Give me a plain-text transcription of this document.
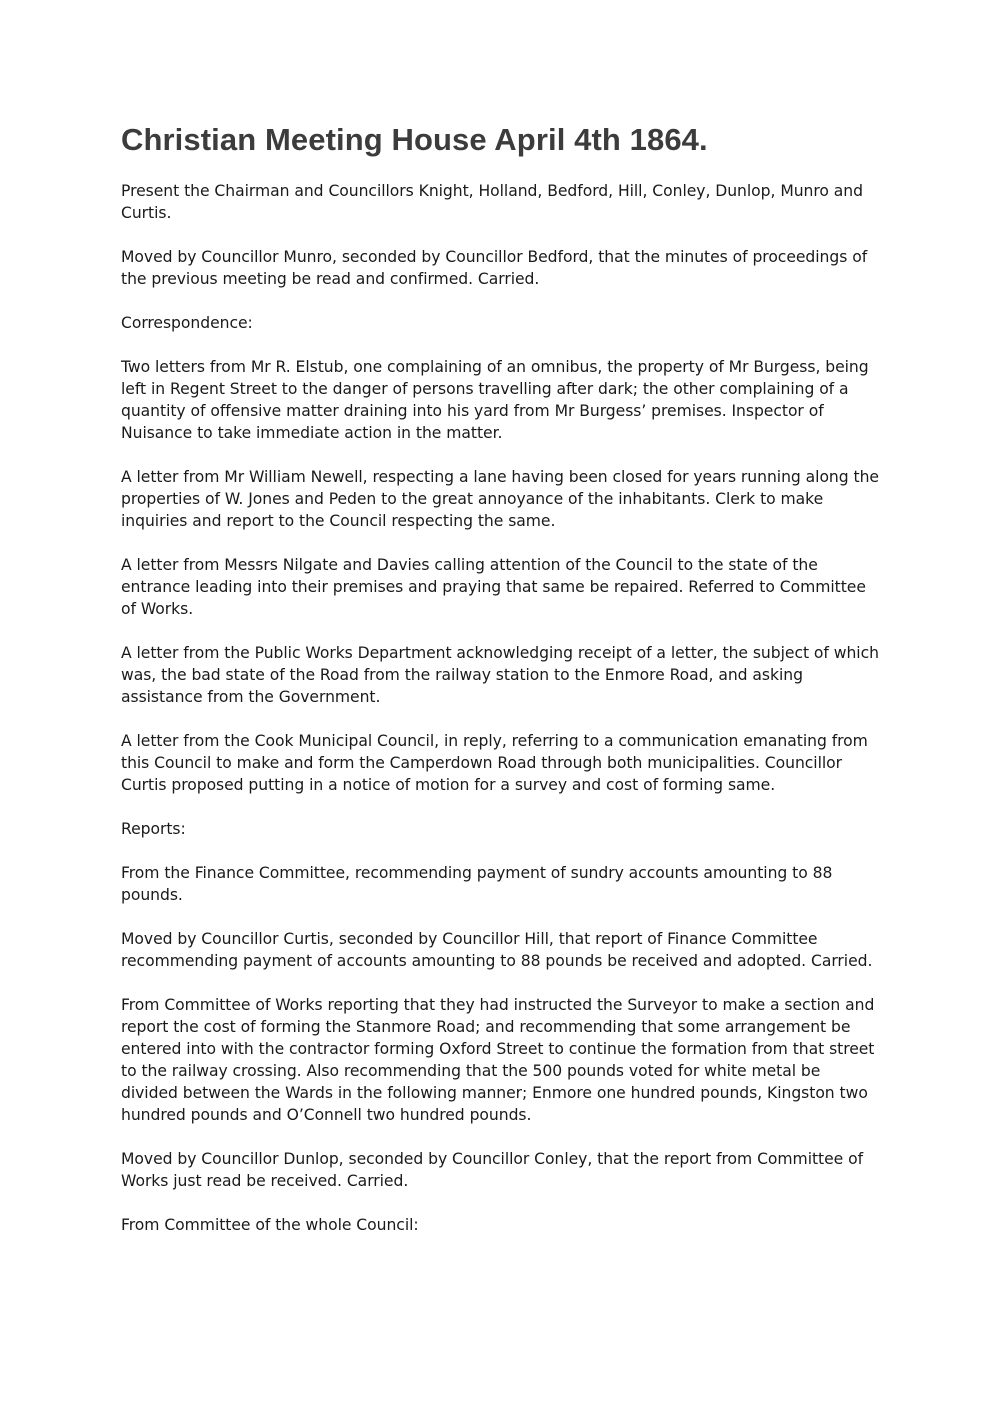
Christian Meeting House April 4th 1864.

Present the Chairman and Councillors Knight, Holland, Bedford, Hill, Conley, Dunlop, Munro and Curtis.

Moved by Councillor Munro, seconded by Councillor Bedford, that the minutes of proceedings of the previous meeting be read and confirmed. Carried.

Correspondence:

Two letters from Mr R. Elstub, one complaining of an omnibus, the property of Mr Burgess, being left in Regent Street to the danger of persons travelling after dark; the other complaining of a quantity of offensive matter draining into his yard from Mr Burgess’ premises. Inspector of Nuisance to take immediate action in the matter.

A letter from Mr William Newell, respecting a lane having been closed for years running along the properties of W. Jones and Peden to the great annoyance of the inhabitants. Clerk to make inquiries and report to the Council respecting the same.

A letter from Messrs Nilgate and Davies calling attention of the Council to the state of the entrance leading into their premises and praying that same be repaired. Referred to Committee of Works.

A letter from the Public Works Department acknowledging receipt of a letter, the subject of which was, the bad state of the Road from the railway station to the Enmore Road, and asking assistance from the Government.

A letter from the Cook Municipal Council, in reply, referring to a communication emanating from this Council to make and form the Camperdown Road through both municipalities. Councillor Curtis proposed putting in a notice of motion for a survey and cost of forming same.

Reports:

From the Finance Committee, recommending payment of sundry accounts amounting to 88 pounds.

Moved by Councillor Curtis, seconded by Councillor Hill, that report of Finance Committee recommending payment of accounts amounting to 88 pounds be received and adopted. Carried.

From Committee of Works reporting that they had instructed the Surveyor to make a section and report the cost of forming the Stanmore Road; and recommending that some arrangement be entered into with the contractor forming Oxford Street to continue the formation from that street to the railway crossing. Also recommending that the 500 pounds voted for white metal be divided between the Wards in the following manner; Enmore one hundred pounds, Kingston two hundred pounds and O’Connell two hundred pounds.

Moved by Councillor Dunlop, seconded by Councillor Conley, that the report from Committee of Works just read be received. Carried.

From Committee of the whole Council:
